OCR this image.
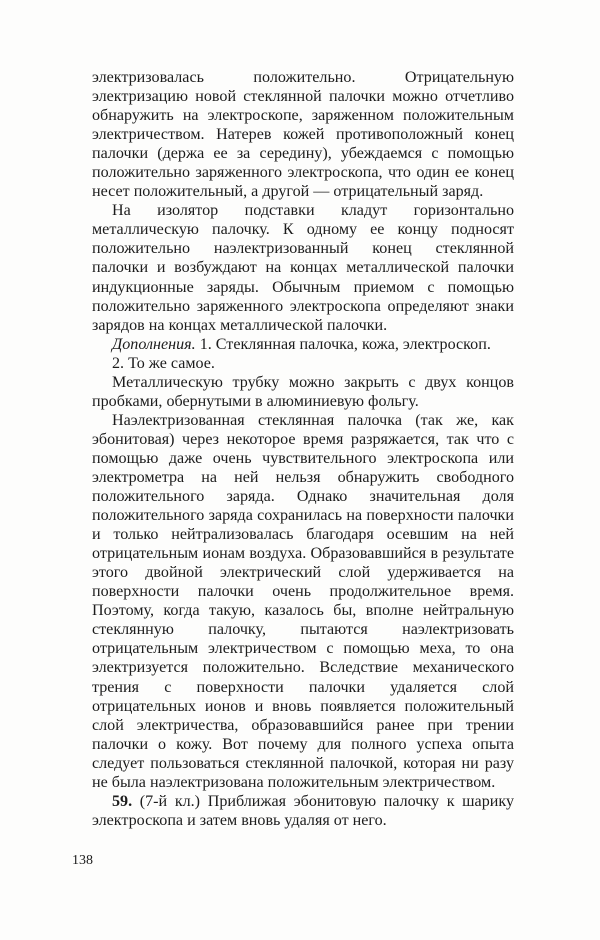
электризовалась положительно. Отрицательную электризацию новой стеклянной палочки можно отчетливо обнаружить на электроскопе, заряженном положительным электричеством. Натерев кожей противоположный конец палочки (держа ее за середину), убеждаемся с помощью положительно заряженного электроскопа, что один ее конец несет положительный, а другой — отрицательный заряд.

На изолятор подставки кладут горизонтально металлическую палочку. К одному ее концу подносят положительно наэлектризованный конец стеклянной палочки и возбуждают на концах металлической палочки индукционные заряды. Обычным приемом с помощью положительно заряженного электроскопа определяют знаки зарядов на концах металлической палочки.

Дополнения. 1. Стеклянная палочка, кожа, электроскоп.

2. То же самое.

Металлическую трубку можно закрыть с двух концов пробками, обернутыми в алюминиевую фольгу.

Наэлектризованная стеклянная палочка (так же, как эбонитовая) через некоторое время разряжается, так что с помощью даже очень чувствительного электроскопа или электрометра на ней нельзя обнаружить свободного положительного заряда. Однако значительная доля положительного заряда сохранилась на поверхности палочки и только нейтрализовалась благодаря осевшим на ней отрицательным ионам воздуха. Образовавшийся в результате этого двойной электрический слой удерживается на поверхности палочки очень продолжительное время. Поэтому, когда такую, казалось бы, вполне нейтральную стеклянную палочку, пытаются наэлектризовать отрицательным электричеством с помощью меха, то она электризуется положительно. Вследствие механического трения с поверхности палочки удаляется слой отрицательных ионов и вновь появляется положительный слой электричества, образовавшийся ранее при трении палочки о кожу. Вот почему для полного успеха опыта следует пользоваться стеклянной палочкой, которая ни разу не была наэлектризована положительным электричеством.

59. (7-й кл.) Приближая эбонитовую палочку к шарику электроскопа и затем вновь удаляя от него.

138
